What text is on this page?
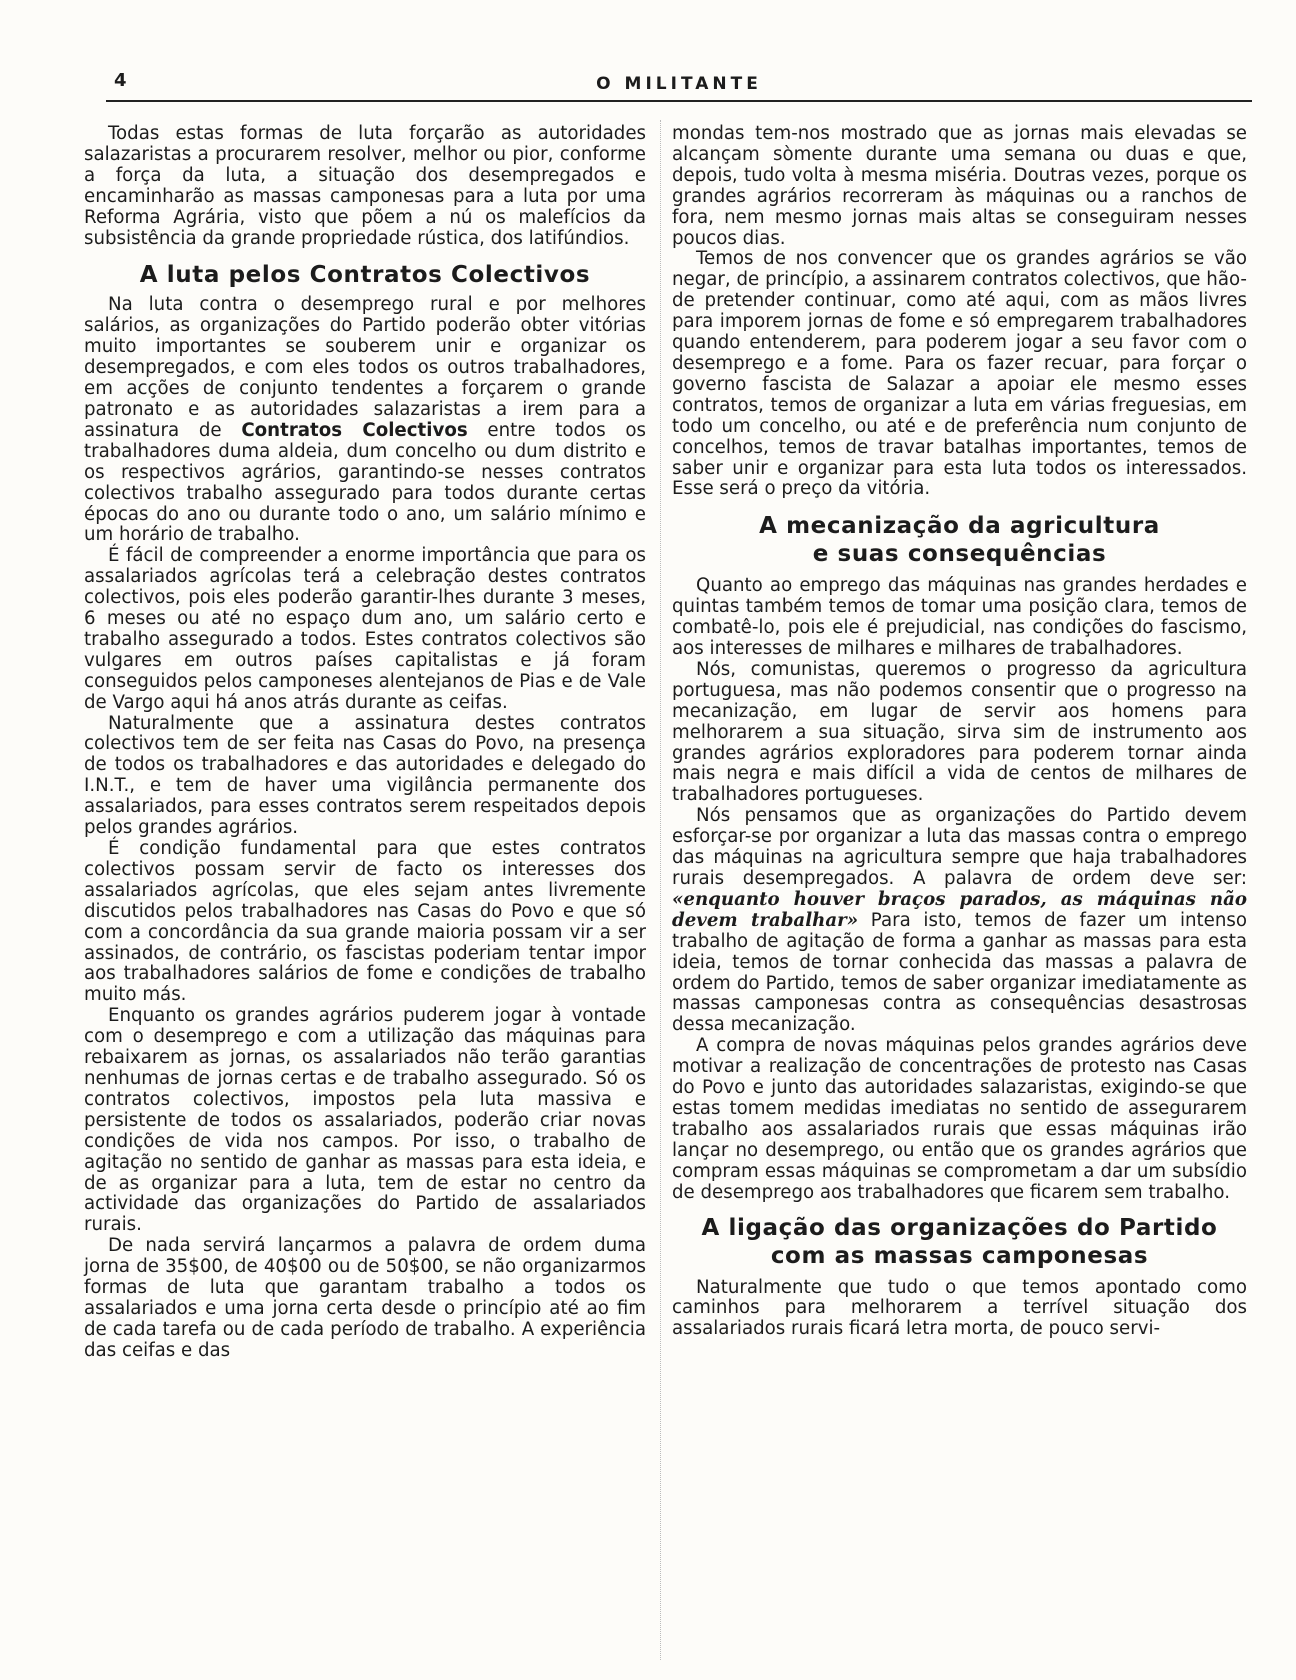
4	O MILITANTE

Todas estas formas de luta forçarão as autoridades salazaristas a procurarem resolver, melhor ou pior, conforme a força da luta, a situação dos desempregados e encaminharão as massas camponesas para a luta por uma Reforma Agrária, visto que põem a nú os malefícios da subsistência da grande propriedade rústica, dos latifúndios.

A luta pelos Contratos Colectivos

Na luta contra o desemprego rural e por melhores salários, as organizações do Partido poderão obter vitórias muito importantes se souberem unir e organizar os desempregados, e com eles todos os outros trabalhadores, em acções de conjunto tendentes a forçarem o grande patronato e as autoridades salazaristas a irem para a assinatura de Contratos Colectivos entre todos os trabalhadores duma aldeia, dum concelho ou dum distrito e os respectivos agrários, garantindo-se nesses contratos colectivos trabalho assegurado para todos durante certas épocas do ano ou durante todo o ano, um salário mínimo e um horário de trabalho.

É fácil de compreender a enorme importância que para os assalariados agrícolas terá a celebração destes contratos colectivos, pois eles poderão garantir-lhes durante 3 meses, 6 meses ou até no espaço dum ano, um salário certo e trabalho assegurado a todos. Estes contratos colectivos são vulgares em outros países capitalistas e já foram conseguidos pelos camponeses alentejanos de Pias e de Vale de Vargo aqui há anos atrás durante as ceifas.

Naturalmente que a assinatura destes contratos colectivos tem de ser feita nas Casas do Povo, na presença de todos os trabalhadores e das autoridades e delegado do I.N.T., e tem de haver uma vigilância permanente dos assalariados, para esses contratos serem respeitados depois pelos grandes agrários.

É condição fundamental para que estes contratos colectivos possam servir de facto os interesses dos assalariados agrícolas, que eles sejam antes livremente discutidos pelos trabalhadores nas Casas do Povo e que só com a concordância da sua grande maioria possam vir a ser assinados, de contrário, os fascistas poderiam tentar impor aos trabalhadores salários de fome e condições de trabalho muito más.

Enquanto os grandes agrários puderem jogar à vontade com o desemprego e com a utilização das máquinas para rebaixarem as jornas, os assalariados não terão garantias nenhumas de jornas certas e de trabalho assegurado. Só os contratos colectivos, impostos pela luta massiva e persistente de todos os assalariados, poderão criar novas condições de vida nos campos. Por isso, o trabalho de agitação no sentido de ganhar as massas para esta ideia, e de as organizar para a luta, tem de estar no centro da actividade das organizações do Partido de assalariados rurais.

De nada servirá lançarmos a palavra de ordem duma jorna de 35$00, de 40$00 ou de 50$00, se não organizarmos formas de luta que garantam trabalho a todos os assalariados e uma jorna certa desde o princípio até ao fim de cada tarefa ou de cada período de trabalho. A experiência das ceifas e das

mondas tem-nos mostrado que as jornas mais elevadas se alcançam sòmente durante uma semana ou duas e que, depois, tudo volta à mesma miséria. Doutras vezes, porque os grandes agrários recorreram às máquinas ou a ranchos de fora, nem mesmo jornas mais altas se conseguiram nesses poucos dias.

Temos de nos convencer que os grandes agrários se vão negar, de princípio, a assinarem contratos colectivos, que hão-de pretender continuar, como até aqui, com as mãos livres para imporem jornas de fome e só empregarem trabalhadores quando entenderem, para poderem jogar a seu favor com o desemprego e a fome. Para os fazer recuar, para forçar o governo fascista de Salazar a apoiar ele mesmo esses contratos, temos de organizar a luta em várias freguesias, em todo um concelho, ou até e de preferência num conjunto de concelhos, temos de travar batalhas importantes, temos de saber unir e organizar para esta luta todos os interessados. Esse será o preço da vitória.

A mecanização da agricultura
e suas consequências

Quanto ao emprego das máquinas nas grandes herdades e quintas também temos de tomar uma posição clara, temos de combatê-lo, pois ele é prejudicial, nas condições do fascismo, aos interesses de milhares e milhares de trabalhadores.

Nós, comunistas, queremos o progresso da agricultura portuguesa, mas não podemos consentir que o progresso na mecanização, em lugar de servir aos homens para melhorarem a sua situação, sirva sim de instrumento aos grandes agrários exploradores para poderem tornar ainda mais negra e mais difícil a vida de centos de milhares de trabalhadores portugueses.

Nós pensamos que as organizações do Partido devem esforçar-se por organizar a luta das massas contra o emprego das máquinas na agricultura sempre que haja trabalhadores rurais desempregados. A palavra de ordem deve ser: «enquanto houver braços parados, as máquinas não devem trabalhar» Para isto, temos de fazer um intenso trabalho de agitação de forma a ganhar as massas para esta ideia, temos de tornar conhecida das massas a palavra de ordem do Partido, temos de saber organizar imediatamente as massas camponesas contra as consequências desastrosas dessa mecanização.

A compra de novas máquinas pelos grandes agrários deve motivar a realização de concentrações de protesto nas Casas do Povo e junto das autoridades salazaristas, exigindo-se que estas tomem medidas imediatas no sentido de assegurarem trabalho aos assalariados rurais que essas máquinas irão lançar no desemprego, ou então que os grandes agrários que compram essas máquinas se comprometam a dar um subsídio de desemprego aos trabalhadores que ficarem sem trabalho.

A ligação das organizações do Partido
com as massas camponesas

Naturalmente que tudo o que temos apontado como caminhos para melhorarem a terrível situação dos assalariados rurais ficará letra morta, de pouco servi-
